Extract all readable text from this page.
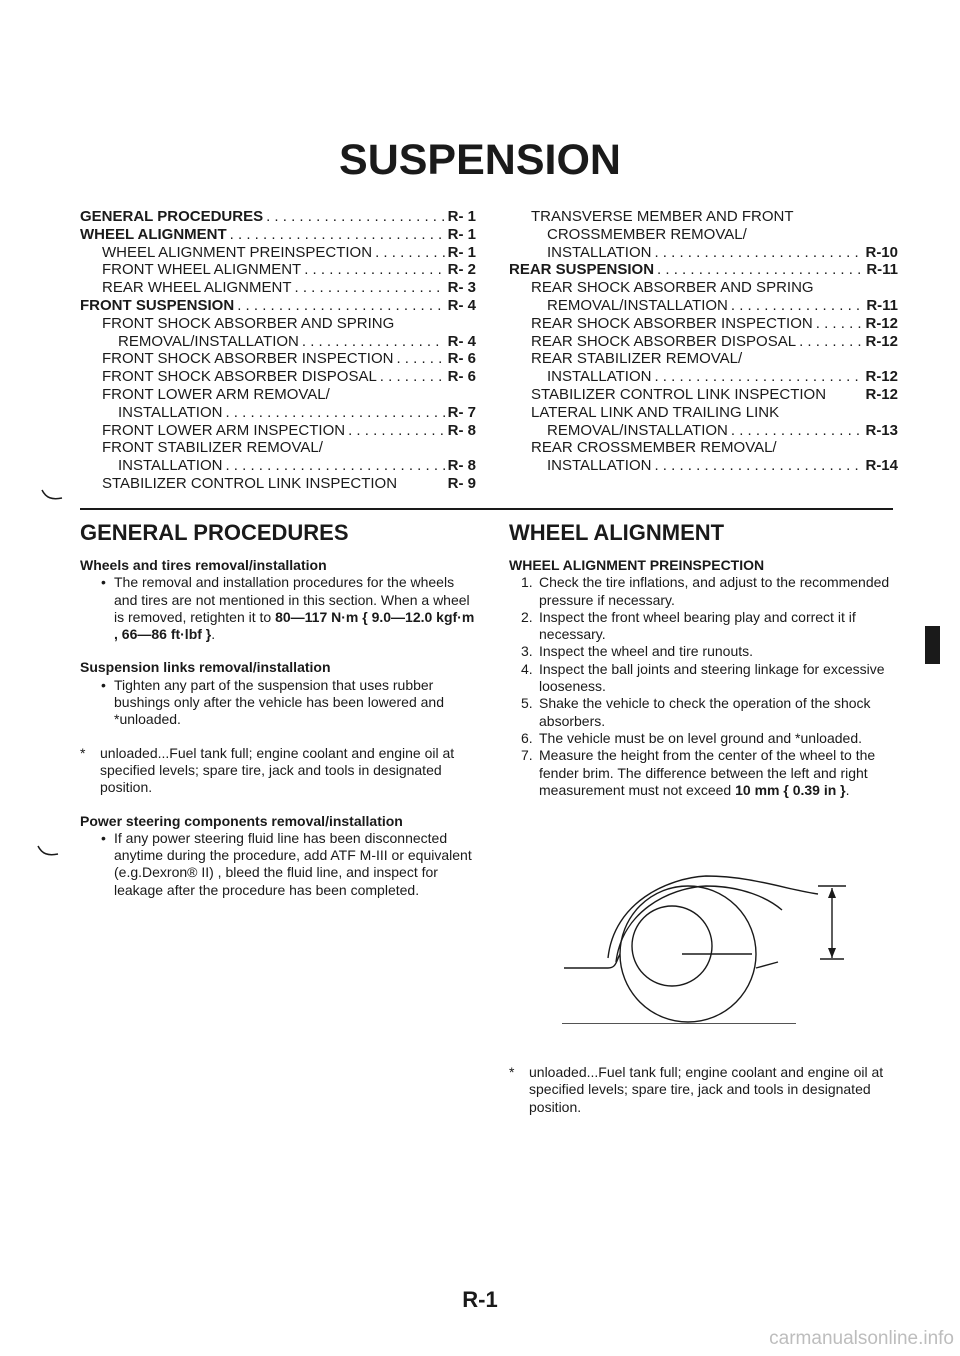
SUSPENSION
GENERAL PROCEDURES . . .	R- 1
WHEEL ALIGNMENT . . .	R- 1
WHEEL ALIGNMENT PREINSPECTION . . .	R- 1
FRONT WHEEL ALIGNMENT . . .	R- 2
REAR WHEEL ALIGNMENT . . .	R- 3
FRONT SUSPENSION . . .	R- 4
FRONT SHOCK ABSORBER AND SPRING
REMOVAL/INSTALLATION . . .	R- 4
FRONT SHOCK ABSORBER INSPECTION . . .	R- 6
FRONT SHOCK ABSORBER DISPOSAL . . .	R- 6
FRONT LOWER ARM REMOVAL/
INSTALLATION . . .	R- 7
FRONT LOWER ARM INSPECTION . . .	R- 8
FRONT STABILIZER REMOVAL/
INSTALLATION . . .	R- 8
STABILIZER CONTROL LINK INSPECTION	R- 9
TRANSVERSE MEMBER AND FRONT
CROSSMEMBER REMOVAL/
INSTALLATION . . .	R-10
REAR SUSPENSION . . .	R-11
REAR SHOCK ABSORBER AND SPRING
REMOVAL/INSTALLATION . . .	R-11
REAR SHOCK ABSORBER INSPECTION . . .	R-12
REAR SHOCK ABSORBER DISPOSAL . . .	R-12
REAR STABILIZER REMOVAL/
INSTALLATION . . .	R-12
STABILIZER CONTROL LINK INSPECTION	R-12
LATERAL LINK AND TRAILING LINK
REMOVAL/INSTALLATION . . .	R-13
REAR CROSSMEMBER REMOVAL/
INSTALLATION . . .	R-14
GENERAL PROCEDURES	WHEEL ALIGNMENT
Wheels and tires removal/installation
• The removal and installation procedures for the wheels and tires are not mentioned in this section. When a wheel is removed, retighten it to 80—117 N·m { 9.0—12.0 kgf·m , 66—86 ft·lbf }.
Suspension links removal/installation
• Tighten any part of the suspension that uses rubber bushings only after the vehicle has been lowered and *unloaded.
* unloaded...Fuel tank full; engine coolant and engine oil at specified levels; spare tire, jack and tools in designated position.
Power steering components removal/installation
• If any power steering fluid line has been disconnected anytime during the procedure, add ATF M-III or equivalent (e.g.Dexron® II) , bleed the fluid line, and inspect for leakage after the procedure has been completed.
WHEEL ALIGNMENT PREINSPECTION
1. Check the tire inflations, and adjust to the recommended pressure if necessary.
2. Inspect the front wheel bearing play and correct it if necessary.
3. Inspect the wheel and tire runouts.
4. Inspect the ball joints and steering linkage for excessive looseness.
5. Shake the vehicle to check the operation of the shock absorbers.
6. The vehicle must be on level ground and *unloaded.
7. Measure the height from the center of the wheel to the fender brim. The difference between the left and right measurement must not exceed 10 mm { 0.39 in }.
* unloaded...Fuel tank full; engine coolant and engine oil at specified levels; spare tire, jack and tools in designated position.
R-1
carmanualsonline.info
